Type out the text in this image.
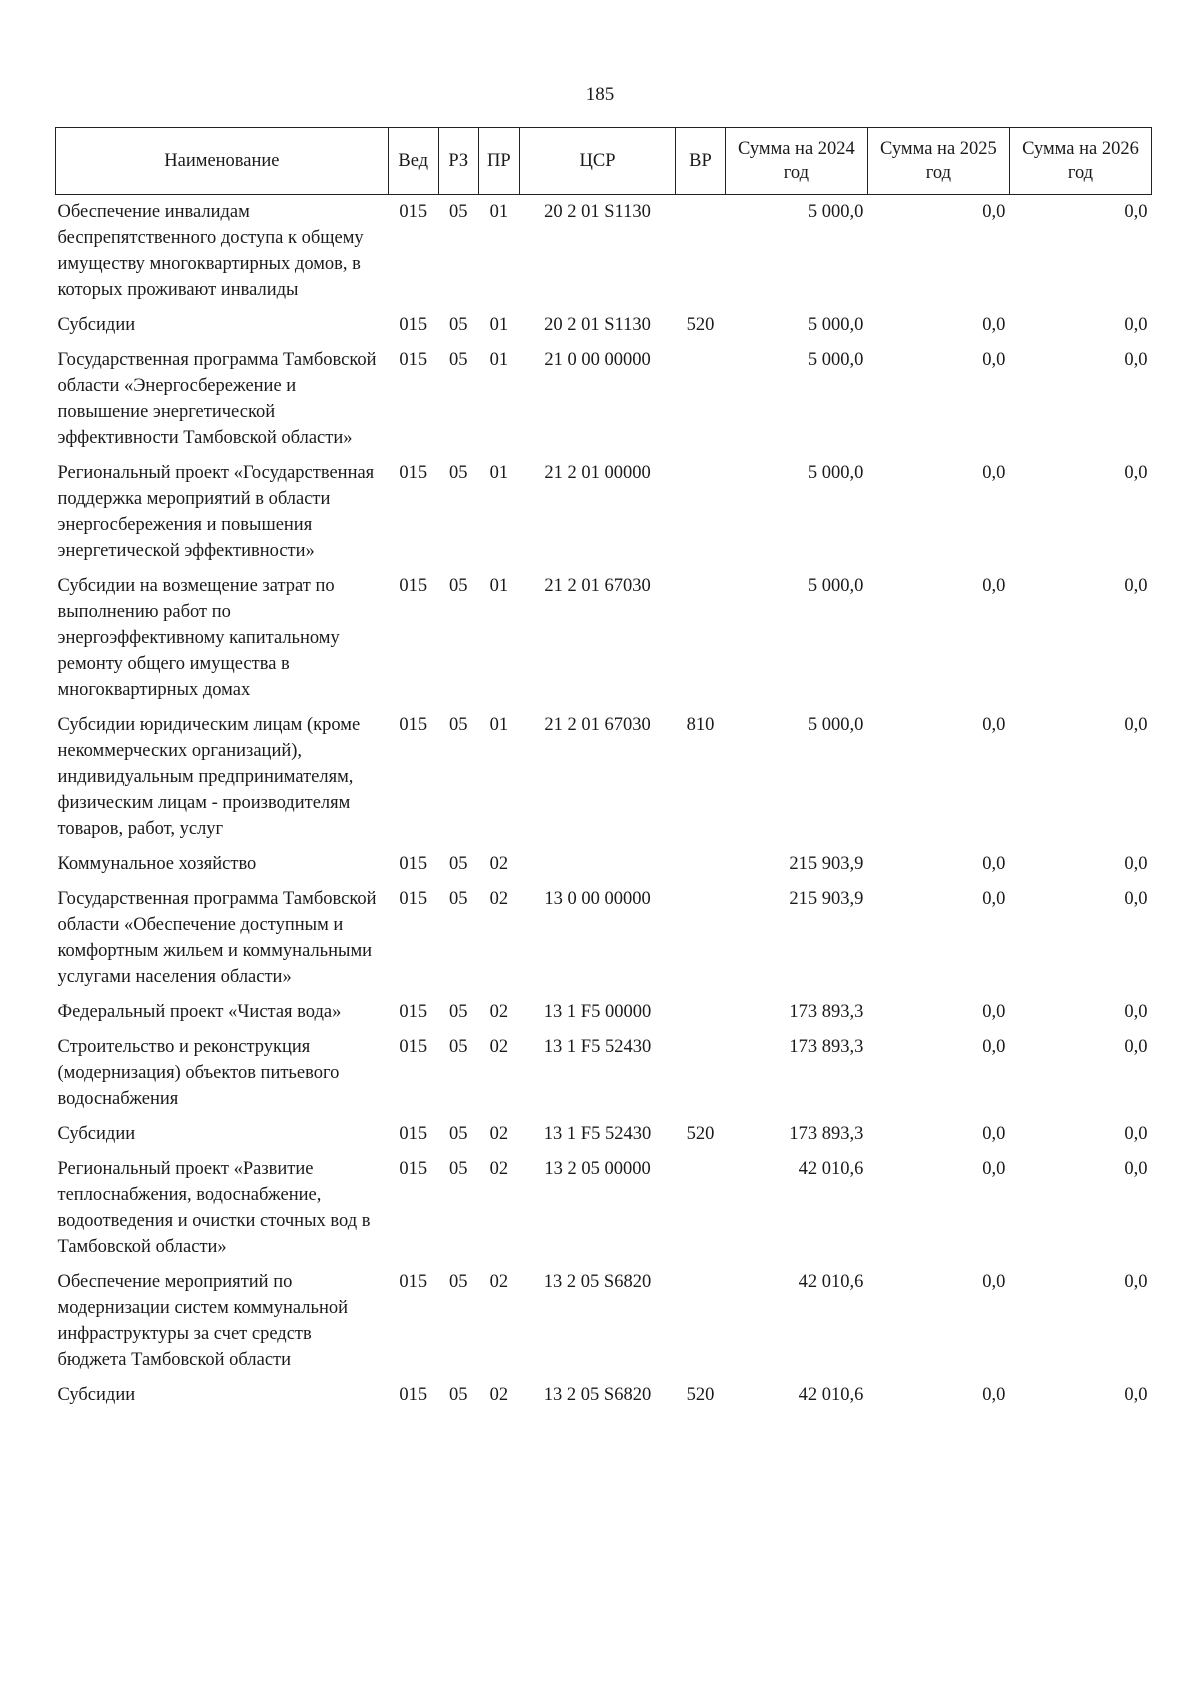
185
Наименование	Вед	РЗ	ПР	ЦСР	ВР	Сумма на 2024 год	Сумма на 2025 год	Сумма на 2026 год
Обеспечение инвалидам беспрепятственного доступа к общему имуществу многоквартирных домов, в которых проживают инвалиды	015	05	01	20 2 01 S1130		5 000,0	0,0	0,0
Субсидии	015	05	01	20 2 01 S1130	520	5 000,0	0,0	0,0
Государственная программа Тамбовской области «Энергосбережение и повышение энергетической эффективности Тамбовской области»	015	05	01	21 0 00 00000		5 000,0	0,0	0,0
Региональный проект «Государственная поддержка мероприятий в области энергосбережения и повышения энергетической эффективности»	015	05	01	21 2 01 00000		5 000,0	0,0	0,0
Субсидии на возмещение затрат по выполнению работ по энергоэффективному капитальному ремонту общего имущества в многоквартирных домах	015	05	01	21 2 01 67030		5 000,0	0,0	0,0
Субсидии юридическим лицам (кроме некоммерческих организаций), индивидуальным предпринимателям, физическим лицам - производителям товаров, работ, услуг	015	05	01	21 2 01 67030	810	5 000,0	0,0	0,0
Коммунальное хозяйство	015	05	02			215 903,9	0,0	0,0
Государственная программа Тамбовской области «Обеспечение доступным и комфортным жильем и коммунальными услугами населения области»	015	05	02	13 0 00 00000		215 903,9	0,0	0,0
Федеральный проект «Чистая вода»	015	05	02	13 1 F5 00000		173 893,3	0,0	0,0
Строительство и реконструкция (модернизация) объектов питьевого водоснабжения	015	05	02	13 1 F5 52430		173 893,3	0,0	0,0
Субсидии	015	05	02	13 1 F5 52430	520	173 893,3	0,0	0,0
Региональный проект «Развитие теплоснабжения, водоснабжение, водоотведения и очистки сточных вод в Тамбовской области»	015	05	02	13 2 05 00000		42 010,6	0,0	0,0
Обеспечение мероприятий по модернизации систем коммунальной инфраструктуры за счет средств бюджета Тамбовской области	015	05	02	13 2 05 S6820		42 010,6	0,0	0,0
Субсидии	015	05	02	13 2 05 S6820	520	42 010,6	0,0	0,0
